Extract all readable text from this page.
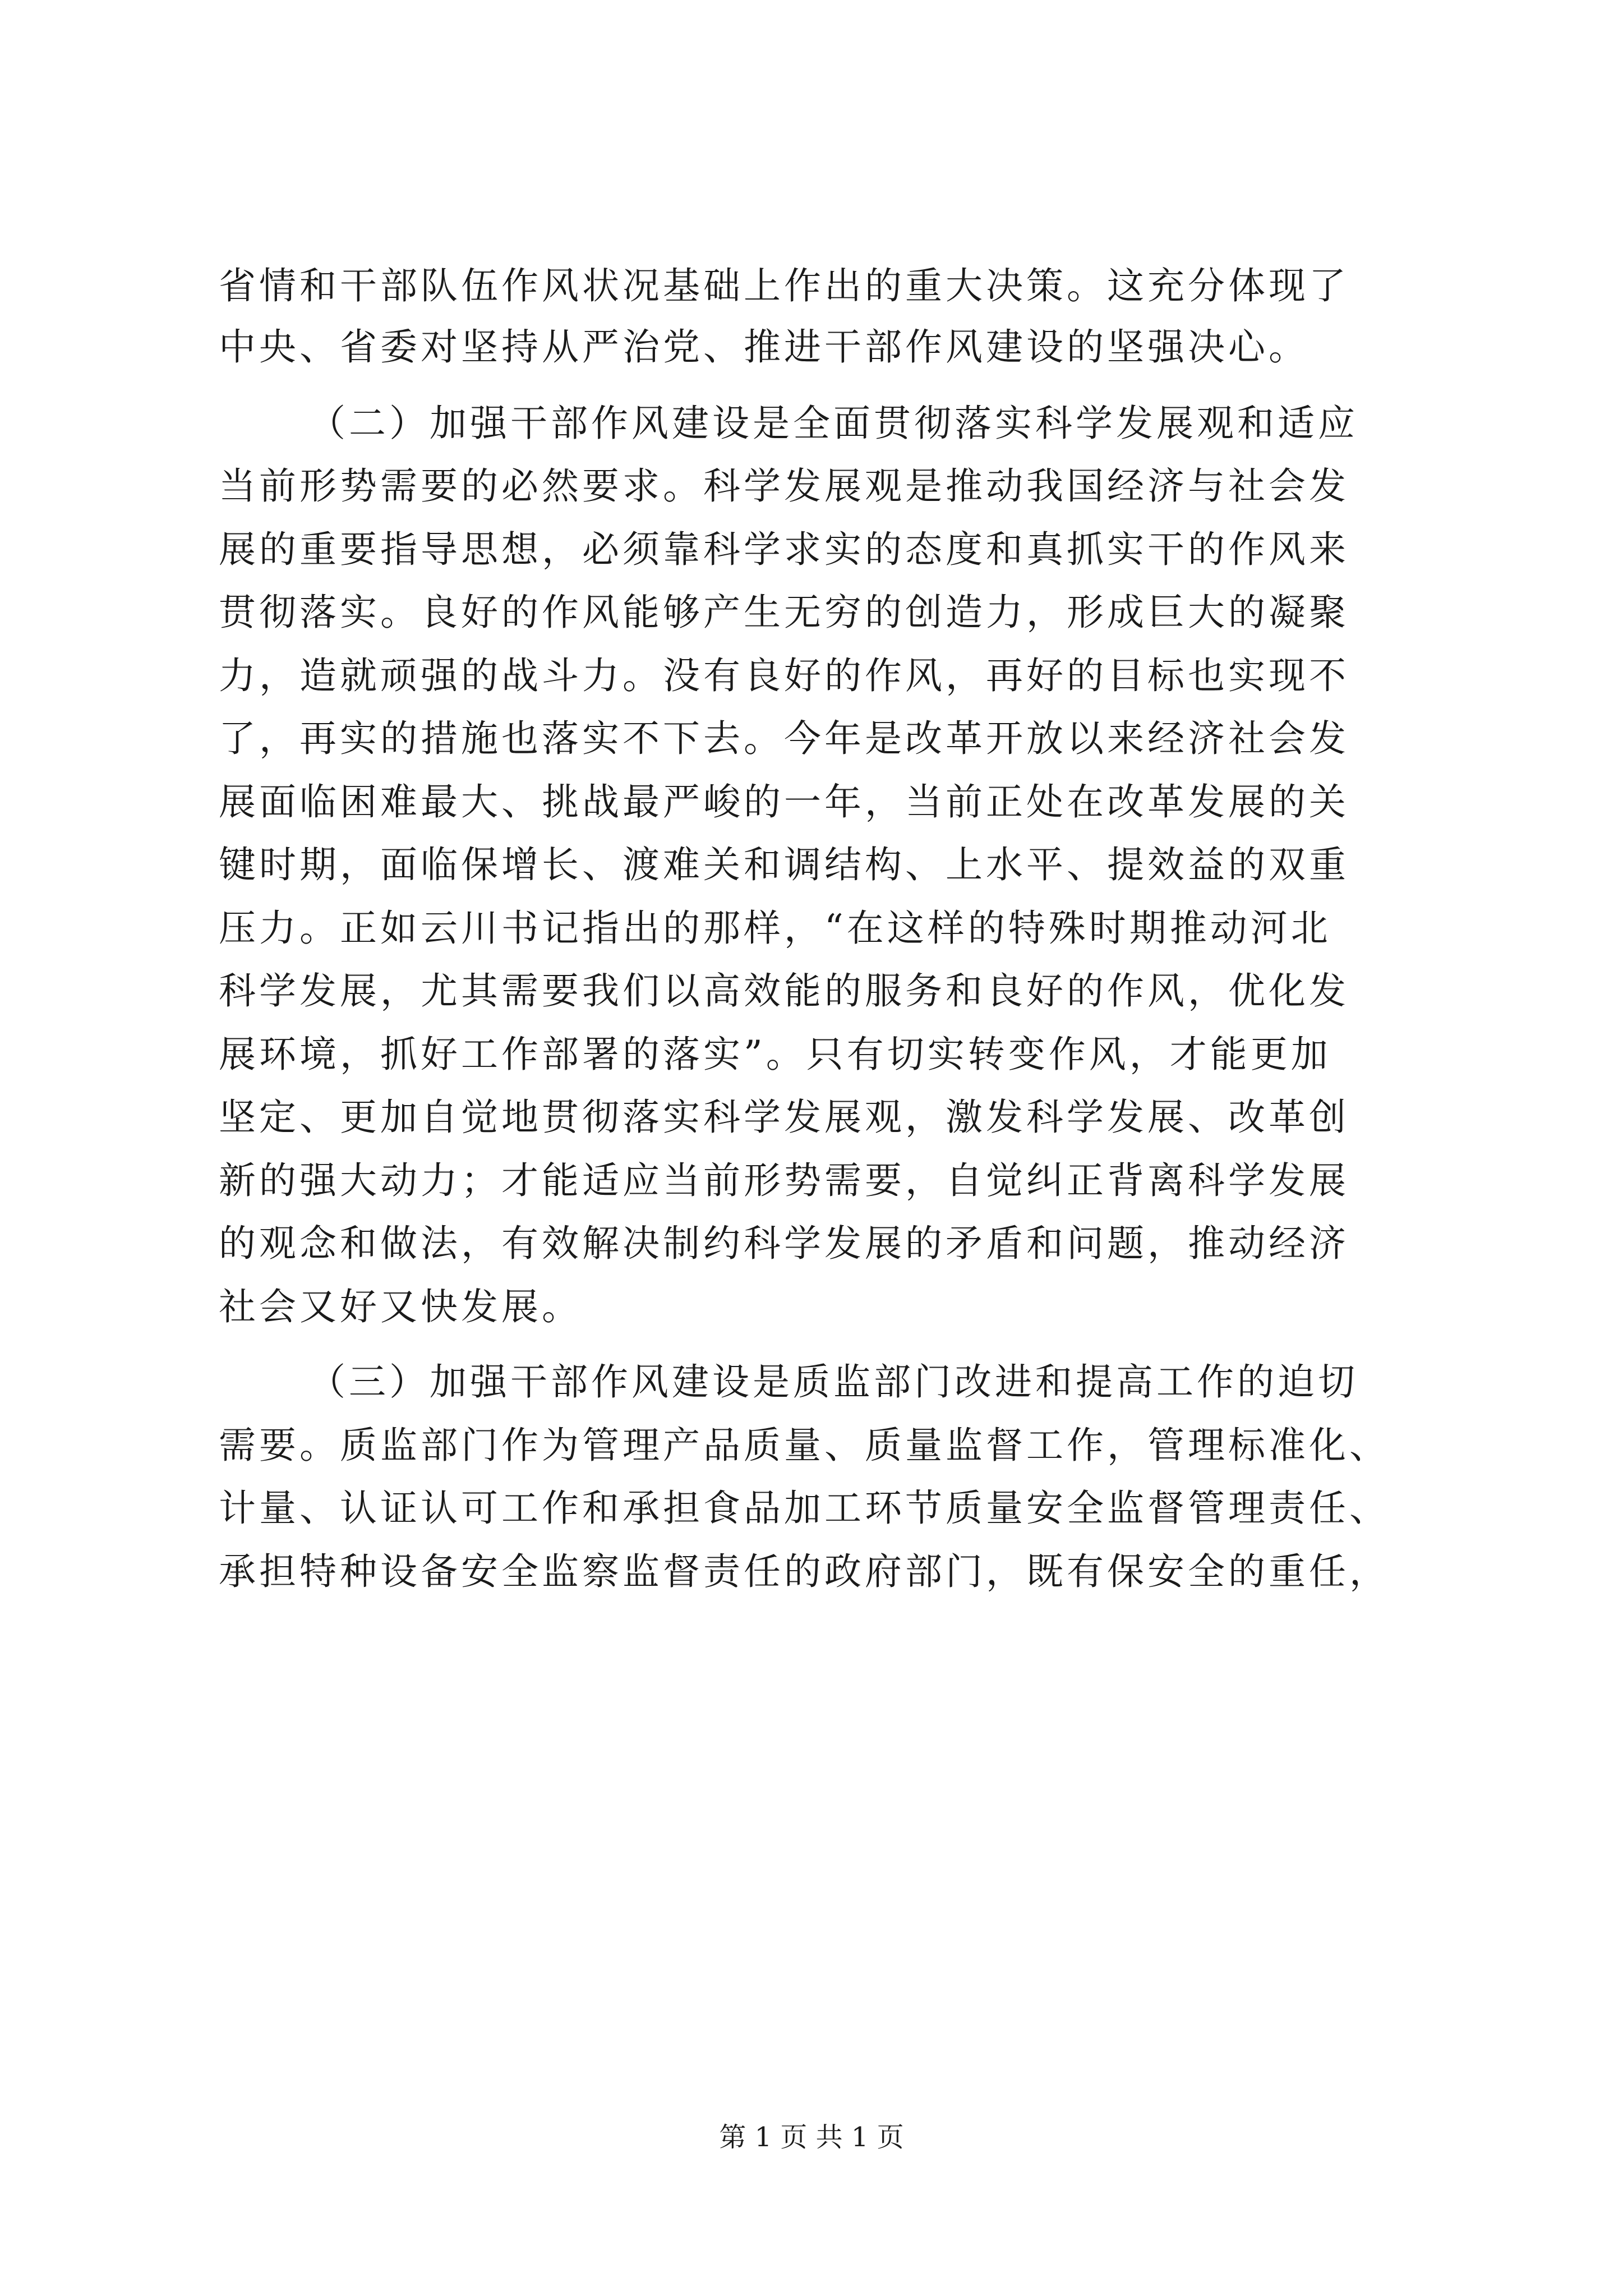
省情和干部队伍作风状况基础上作出的重大决策。这充分体现了
中央、省委对坚持从严治党、推进干部作风建设的坚强决心。
（二）加强干部作风建设是全面贯彻落实科学发展观和适应
当前形势需要的必然要求。科学发展观是推动我国经济与社会发
展的重要指导思想，必须靠科学求实的态度和真抓实干的作风来
贯彻落实。良好的作风能够产生无穷的创造力，形成巨大的凝聚
力，造就顽强的战斗力。没有良好的作风，再好的目标也实现不
了，再实的措施也落实不下去。今年是改革开放以来经济社会发
展面临困难最大、挑战最严峻的一年，当前正处在改革发展的关
键时期，面临保增长、渡难关和调结构、上水平、提效益的双重
压力。正如云川书记指出的那样，“在这样的特殊时期推动河北
科学发展，尤其需要我们以高效能的服务和良好的作风，优化发
展环境，抓好工作部署的落实”。只有切实转变作风，才能更加
坚定、更加自觉地贯彻落实科学发展观，激发科学发展、改革创
新的强大动力；才能适应当前形势需要，自觉纠正背离科学发展
的观念和做法，有效解决制约科学发展的矛盾和问题，推动经济
社会又好又快发展。
（三）加强干部作风建设是质监部门改进和提高工作的迫切
需要。质监部门作为管理产品质量、质量监督工作，管理标准化、
计量、认证认可工作和承担食品加工环节质量安全监督管理责任、
承担特种设备安全监察监督责任的政府部门，既有保安全的重任，
第 1 页 共 1 页
